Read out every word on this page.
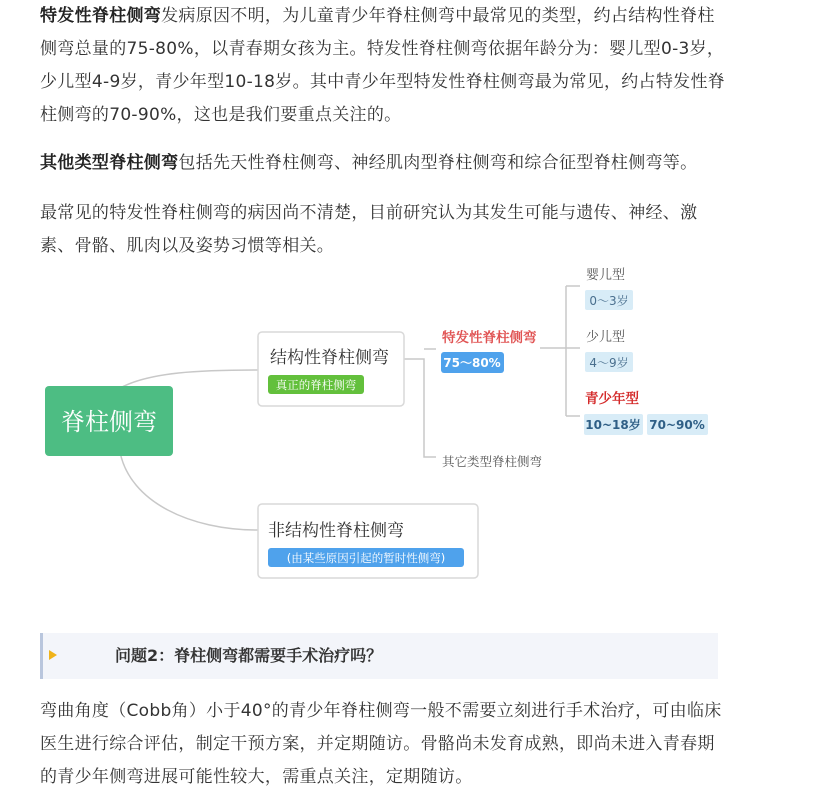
特发性脊柱侧弯发病原因不明，为儿童青少年脊柱侧弯中最常见的类型，约占结构性脊柱侧弯总量的75-80%，以青春期女孩为主。特发性脊柱侧弯依据年龄分为：婴儿型0-3岁，少儿型4-9岁，青少年型10-18岁。其中青少年型特发性脊柱侧弯最为常见，约占特发性脊柱侧弯的70-90%，这也是我们要重点关注的。

其他类型脊柱侧弯包括先天性脊柱侧弯、神经肌肉型脊柱侧弯和综合征型脊柱侧弯等。

最常见的特发性脊柱侧弯的病因尚不清楚，目前研究认为其发生可能与遗传、神经、激素、骨骼、肌肉以及姿势习惯等相关。

脊柱侧弯
结构性脊柱侧弯
真正的脊柱侧弯
非结构性脊柱侧弯
(由某些原因引起的暂时性侧弯)
特发性脊柱侧弯
75～80%
其它类型脊柱侧弯
婴儿型
0～3岁
少儿型
4～9岁
青少年型
10~18岁 70~90%
问题2：脊柱侧弯都需要手术治疗吗？

弯曲角度（Cobb角）小于40°的青少年脊柱侧弯一般不需要立刻进行手术治疗，可由临床医生进行综合评估，制定干预方案，并定期随访。骨骼尚未发育成熟，即尚未进入青春期的青少年侧弯进展可能性较大，需重点关注，定期随访。
